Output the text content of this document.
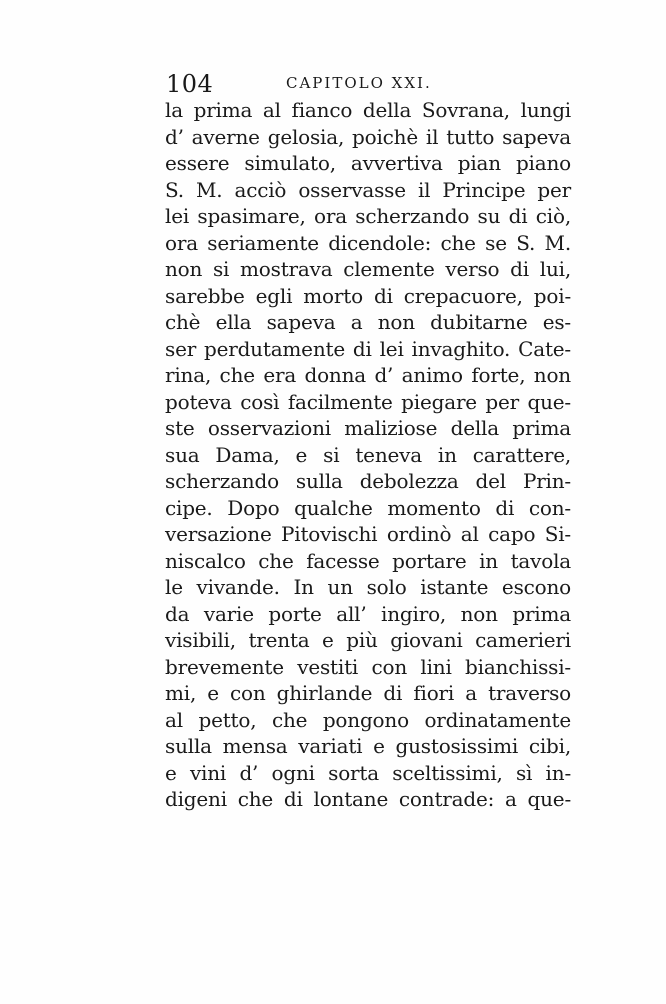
104	CAPITOLO XXI.
la prima al fianco della Sovrana, lungi
d’ averne gelosia, poichè il tutto sapeva
essere simulato, avvertiva pian piano
S. M. acciò osservasse il Principe per
lei spasimare, ora scherzando su di ciò,
ora seriamente dicendole: che se S. M.
non si mostrava clemente verso di lui,
sarebbe egli morto di crepacuore, poi-
chè ella sapeva a non dubitarne es-
ser perdutamente di lei invaghito. Cate-
rina, che era donna d’ animo forte, non
poteva così facilmente piegare per que-
ste osservazioni maliziose della prima
sua Dama, e si teneva in carattere,
scherzando sulla debolezza del Prin-
cipe. Dopo qualche momento di con-
versazione Pitovischi ordinò al capo Si-
niscalco che facesse portare in tavola
le vivande. In un solo istante escono
da varie porte all’ ingiro, non prima
visibili, trenta e più giovani camerieri
brevemente vestiti con lini bianchissi-
mi, e con ghirlande di fiori a traverso
al petto, che pongono ordinatamente
sulla mensa variati e gustosissimi cibi,
e vini d’ ogni sorta sceltissimi, sì in-
digeni che di lontane contrade: a que-
